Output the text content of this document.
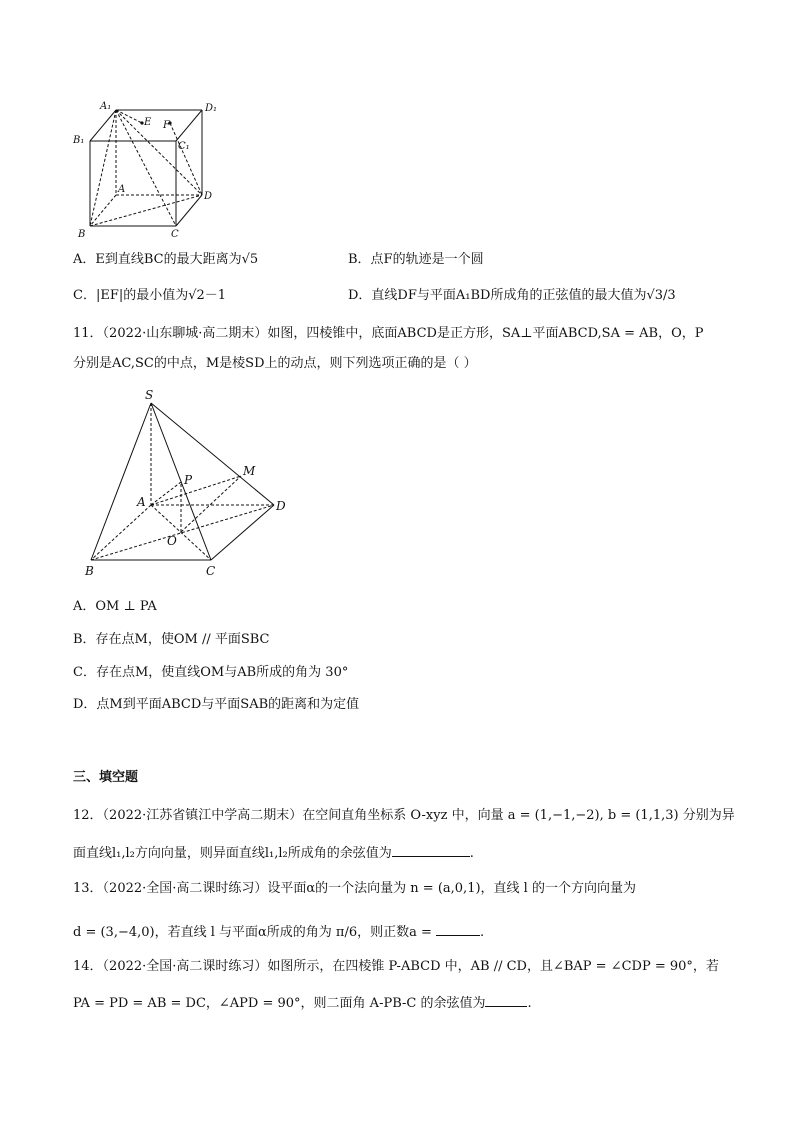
A₁
E F
D₁
B₁
C₁
A
D
B	C
A．E到直线BC的最大距离为√5	B．点F的轨迹是一个圆
C．|EF|的最小值为√2－1	D．直线DF与平面A₁BD所成角的正弦值的最大值为√3/3
11．（2022·山东聊城·高二期末）如图，四棱锥中，底面ABCD是正方形，SA⊥平面ABCD,SA = AB，O，P
分别是AC,SC的中点，M是棱SD上的动点，则下列选项正确的是（ ）
S
M
P
A	D
O
B	C
A．OM ⊥ PA
B．存在点M，使OM // 平面SBC
C．存在点M，使直线OM与AB所成的角为 30°
D．点M到平面ABCD与平面SAB的距离和为定值
三、填空题
12．（2022·江苏省镇江中学高二期末）在空间直角坐标系 O-xyz 中，向量 a = (1,−1,−2), b = (1,1,3) 分别为异
面直线l₁,l₂方向向量，则异面直线l₁,l₂所成角的余弦值为	.
13．（2022·全国·高二课时练习）设平面α的一个法向量为 n = (a,0,1)，直线 l 的一个方向向量为
d = (3,−4,0)，若直线 l 与平面α所成的角为 π/6，则正数a =	.
14．（2022·全国·高二课时练习）如图所示，在四棱锥 P-ABCD 中，AB // CD，且∠BAP = ∠CDP = 90°，若
PA = PD = AB = DC，∠APD = 90°，则二面角 A-PB-C 的余弦值为	.
